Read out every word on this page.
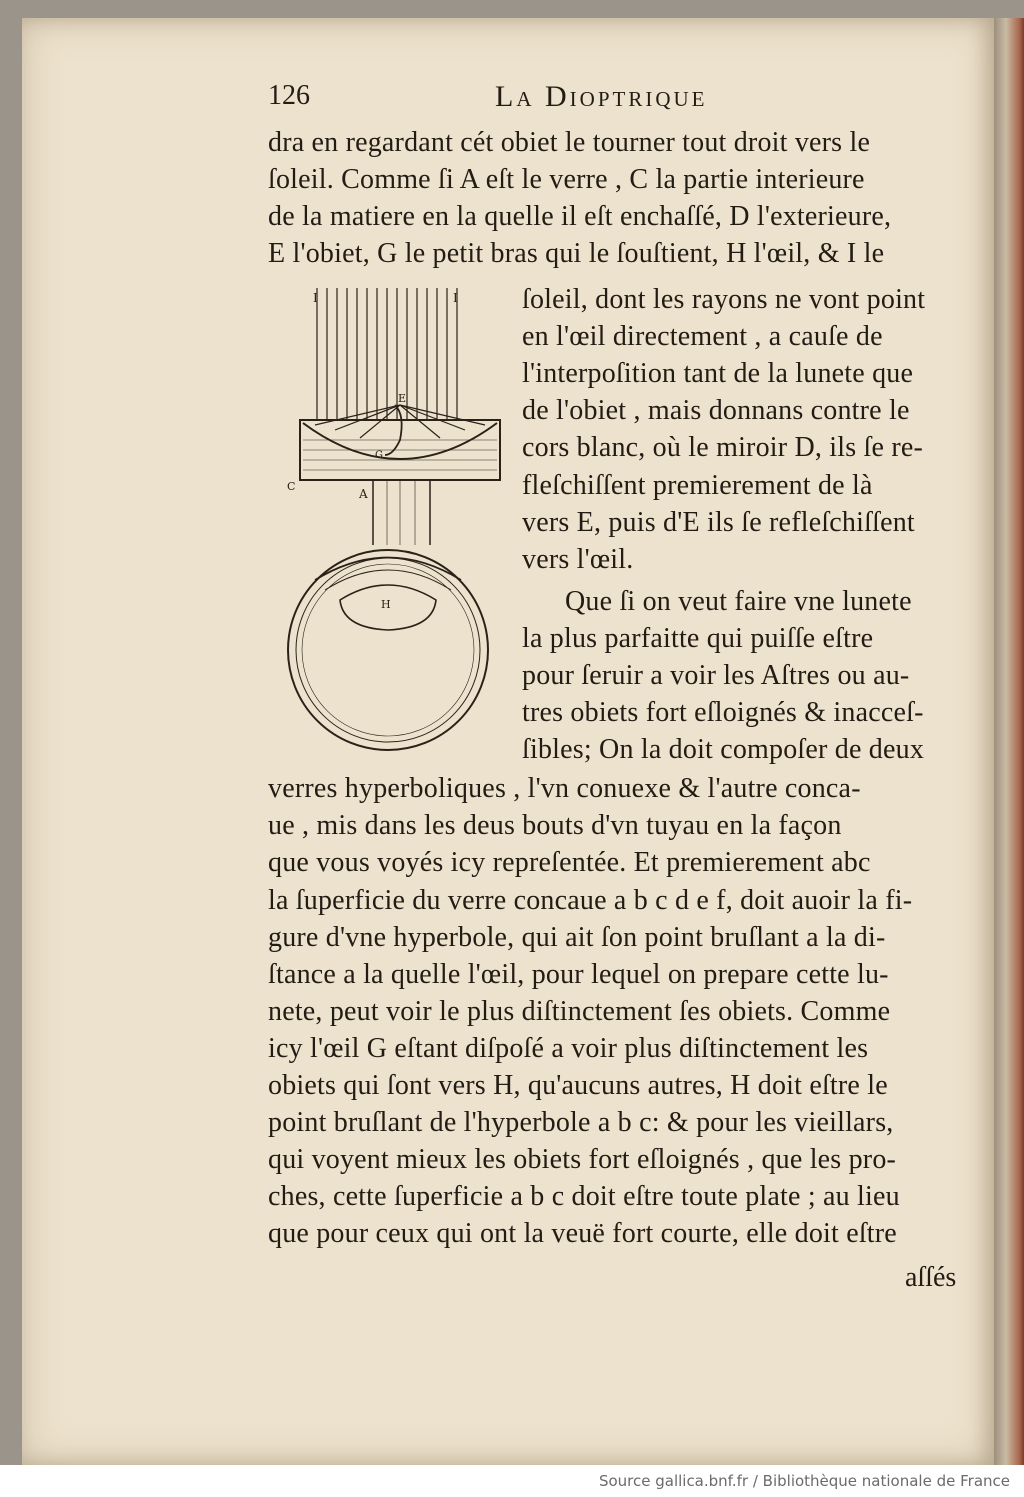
126	La Dioptrique
dra en regardant cét obiet le tourner tout droit vers le
ſoleil. Comme ſi A eſt le verre , C la partie interieure
de la matiere en la quelle il eſt enchaſſé, D l'exterieure,
E l'obiet, G le petit bras qui le ſouſtient, H l'œil, & I le
ſoleil, dont les rayons ne vont point
en l'œil directement , a cauſe de
l'interpoſition tant de la lunete que
de l'obiet , mais donnans contre le
cors blanc, où le miroir D, ils ſe re-
fleſchiſſent premierement de là
vers E, puis d'E ils ſe refleſchiſſent
vers l'œil.
Que ſi on veut faire vne lunete
la plus parfaitte qui puiſſe eſtre
pour ſeruir a voir les Aſtres ou au-
tres obiets fort eſloignés & inacceſ-
ſibles; On la doit compoſer de deux
verres hyperboliques , l'vn conuexe & l'autre conca-
ue , mis dans les deus bouts d'vn tuyau en la façon
que vous voyés icy repreſentée. Et premierement abc
la ſuperficie du verre concaue a b c d e f, doit auoir la fi-
gure d'vne hyperbole, qui ait ſon point bruſlant a la di-
ſtance a la quelle l'œil, pour lequel on prepare cette lu-
nete, peut voir le plus diſtinctement ſes obiets. Comme
icy l'œil G eſtant diſpoſé a voir plus diſtinctement les
obiets qui ſont vers H, qu'aucuns autres, H doit eſtre le
point bruſlant de l'hyperbole a b c: & pour les vieillars,
qui voyent mieux les obiets fort eſloignés , que les pro-
ches, cette ſuperficie a b c doit eſtre toute plate ; au lieu
que pour ceux qui ont la veuë fort courte, elle doit eſtre
aſſés
I	I
E
G
C
A
H
Source gallica.bnf.fr / Bibliothèque nationale de France
